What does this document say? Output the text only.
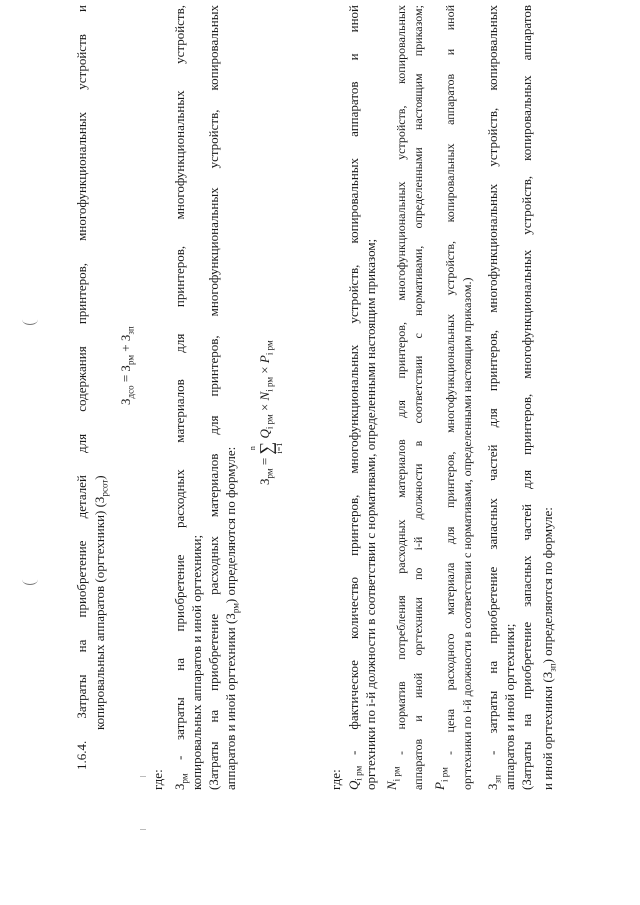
1.6.4. Затраты на приобретение деталей для содержания принтеров, многофункциональных устройств и копировальных аппаратов (оргтехники) $(З_{рсот})$
$З_{дсо} = З_{рм} + З_{зп}$
где: $З_{рм}$
-
затраты на приобретение расходных материалов для принтеров, многофункциональных устройств, копировальных аппаратов и иной оргтехники; (Затраты на приобретение расходных материалов для принтеров, многофункциональных устройств, копировальных аппаратов и иной оргтехники $(З_{рм})$ определяются по формуле:	$З_{рм}$ =
n ∑ i=1
$Q_{i рм} \times N_{i рм} \times P_{i рм}$
где: $Q_{i рм}$
- фактическое количество принтеров, многофункциональных устройств, копировальных аппаратов и иной оргтехники по i-й должности в соответствии с нормативами, определенными настоящим приказом; $N_{i рм}$
- норматив потребления расходных материалов для принтеров, многофункциональных устройств, копировальных аппаратов и иной оргтехники по i-й должности в соответствии с нормативами, определенными настоящим приказом; $P_{i рм}$
- цена расходного материала для принтеров, многофункциональных устройств, копировальных аппаратов и иной оргтехники по i-й должности в соответствии с нормативами, определенными настоящим приказом.) $З_{зп}$
- затраты на приобретение запасных частей для принтеров, многофункциональных устройств, копировальных аппаратов и иной оргтехники; (Затраты на приобретение запасных частей для принтеров, многофункциональных устройств, копировальных аппаратов и иной оргтехники $(З_{зп})$ определяются по формуле:
